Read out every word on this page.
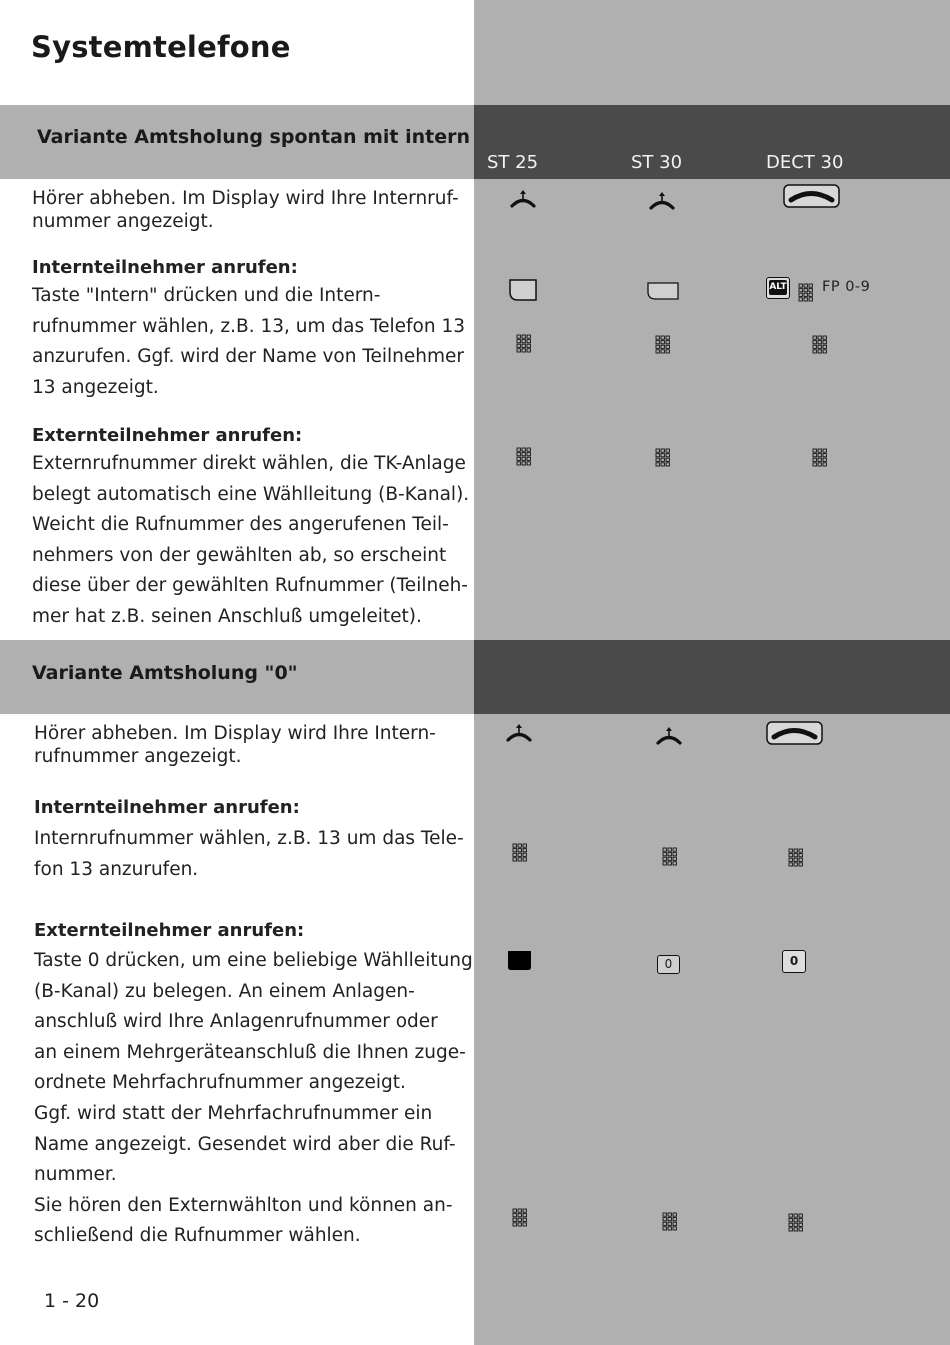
Systemtelefone
Variante Amtsholung spontan mit intern
ST 25	ST 30	DECT 30

Hörer abheben. Im Display wird Ihre Internruf-

nummer angezeigt.

Internteilnehmer anrufen:

Taste "Intern" drücken und die Intern-

rufnummer wählen, z.B. 13, um das Telefon 13

anzurufen. Ggf. wird der Name von Teilnehmer

13 angezeigt.

Externteilnehmer anrufen:

Externrufnummer direkt wählen, die TK-Anlage

belegt automatisch eine Wählleitung (B-Kanal).

Weicht die Rufnummer des angerufenen Teil-

nehmers von der gewählten ab, so erscheint

diese über der gewählten Rufnummer (Teilneh-

mer hat z.B. seinen Anschluß umgeleitet).

ALT FP 0-9
Variante Amtsholung "0"

Hörer abheben. Im Display wird Ihre Intern-

rufnummer angezeigt.

Internteilnehmer anrufen:

Internrufnummer wählen, z.B. 13 um das Tele-

fon 13 anzurufen.

Externteilnehmer anrufen:

Taste 0 drücken, um eine beliebige Wählleitung

(B-Kanal) zu belegen. An einem Anlagen-

anschluß wird Ihre Anlagenrufnummer oder

an einem Mehrgeräteanschluß die Ihnen zuge-

ordnete Mehrfachrufnummer angezeigt.

Ggf. wird statt der Mehrfachrufnummer ein

Name angezeigt. Gesendet wird aber die Ruf-

nummer.

Sie hören den Externwählton und können an-

schließend die Rufnummer wählen.

0	0
1 - 20
